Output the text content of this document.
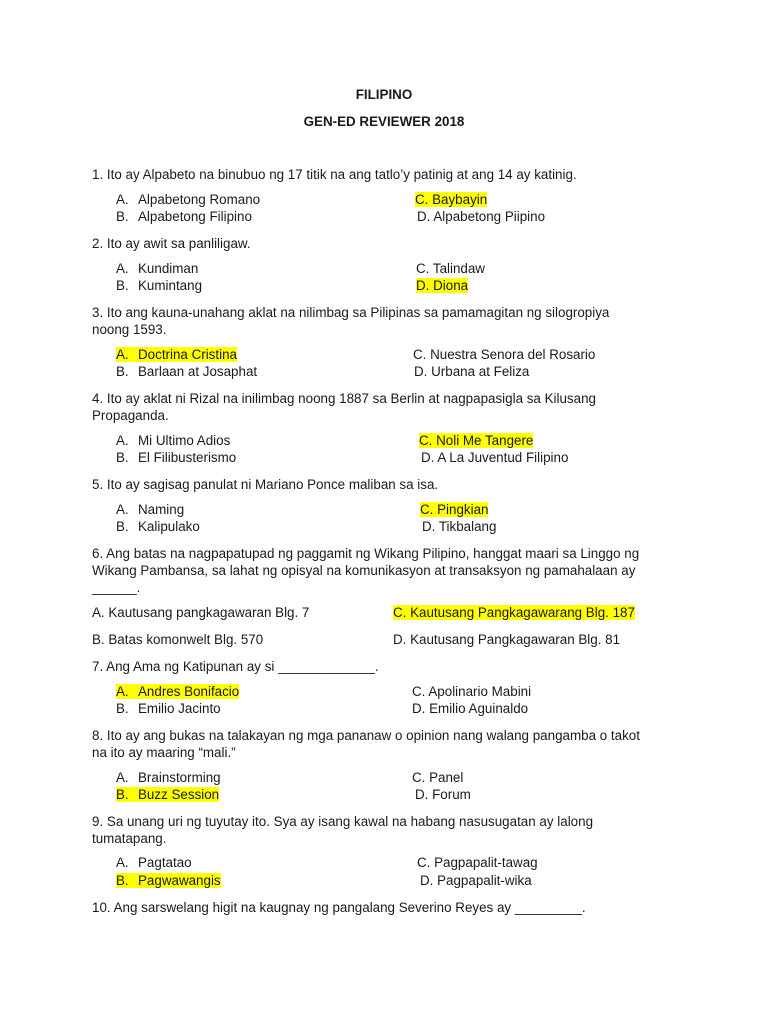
FILIPINO
GEN-ED REVIEWER 2018
1. Ito ay Alpabeto na binubuo ng 17 titik na ang tatlo’y patinig at ang 14 ay katinig.
A. Alpabetong Romano
B. Alpabetong Filipino
C. Baybayin
D. Alpabetong Piipino
2. Ito ay awit sa panliligaw.
A. Kundiman
B. Kumintang
C. Talindaw
D. Diona
3. Ito ang kauna-unahang aklat na nilimbag sa Pilipinas sa pamamagitan ng silogropiya
noong 1593.
A. Doctrina Cristina
B. Barlaan at Josaphat
C. Nuestra Senora del Rosario
D. Urbana at Feliza
4. Ito ay aklat ni Rizal na inilimbag noong 1887 sa Berlin at nagpapasigla sa Kilusang
Propaganda.
A. Mi Ultimo Adios
B. El Filibusterismo
C. Noli Me Tangere
D. A La Juventud Filipino
5. Ito ay sagisag panulat ni Mariano Ponce maliban sa isa.
A. Naming
B. Kalipulako
C. Pingkian
D. Tikbalang
6. Ang batas na nagpapatupad ng paggamit ng Wikang Pilipino, hanggat maari sa Linggo ng
Wikang Pambansa, sa lahat ng opisyal na komunikasyon at transaksyon ng pamahalaan ay
______.
A. Kautusang pangkagawaran Blg. 7	C. Kautusang Pangkagawarang Blg. 187
B. Batas komonwelt Blg. 570	D. Kautusang Pangkagawaran Blg. 81
7. Ang Ama ng Katipunan ay si _____________.
A. Andres Bonifacio
B. Emilio Jacinto
C. Apolinario Mabini
D. Emilio Aguinaldo
8. Ito ay ang bukas na talakayan ng mga pananaw o opinion nang walang pangamba o takot
na ito ay maaring “mali.”
A. Brainstorming
B. Buzz Session
C. Panel
D. Forum
9. Sa unang uri ng tuyutay ito. Sya ay isang kawal na habang nasusugatan ay lalong
tumatapang.
A. Pagtatao
B. Pagwawangis
C. Pagpapalit-tawag
D. Pagpapalit-wika
10. Ang sarswelang higit na kaugnay ng pangalang Severino Reyes ay _________.
